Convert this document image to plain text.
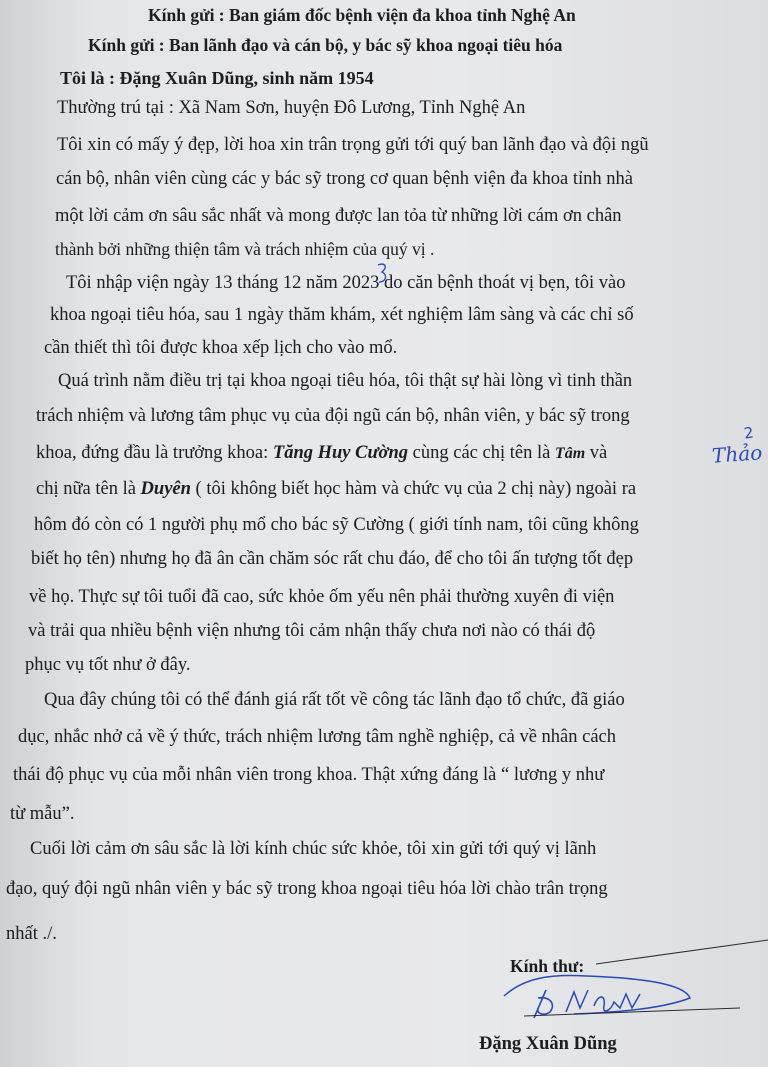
Kính gửi : Ban giám đốc bệnh viện đa khoa tỉnh Nghệ An
Kính gửi : Ban lãnh đạo và cán bộ, y bác sỹ khoa ngoại tiêu hóa
Tôi là : Đặng Xuân Dũng, sinh năm 1954
Thường trú tại : Xã Nam Sơn, huyện Đô Lương, Tỉnh Nghệ An
Tôi xin có mấy ý đẹp, lời hoa xin trân trọng gửi tới quý ban lãnh đạo và đội ngũ
cán bộ, nhân viên cùng các y bác sỹ trong cơ quan bệnh viện đa khoa tỉnh nhà
một lời cảm ơn sâu sắc nhất và mong được lan tỏa từ những lời cám ơn chân
thành bởi những thiện tâm và trách nhiệm của quý vị .
Tôi nhập viện ngày 13 tháng 12 năm 2023 do căn bệnh thoát vị bẹn, tôi vào
khoa ngoại tiêu hóa, sau 1 ngày thăm khám, xét nghiệm lâm sàng và các chỉ số
cần thiết thì tôi được khoa xếp lịch cho vào mổ.
Quá trình nằm điều trị tại khoa ngoại tiêu hóa, tôi thật sự hài lòng vì tinh thần
trách nhiệm và lương tâm phục vụ của đội ngũ cán bộ, nhân viên, y bác sỹ trong
khoa, đứng đầu là trưởng khoa: Tăng Huy Cường cùng các chị tên là Tâm và
chị nữa tên là Duyên ( tôi không biết học hàm và chức vụ của 2 chị này) ngoài ra
hôm đó còn có 1 người phụ mổ cho bác sỹ Cường ( giới tính nam, tôi cũng không
biết họ tên) nhưng họ đã ân cần chăm sóc rất chu đáo, để cho tôi ấn tượng tốt đẹp
về họ. Thực sự tôi tuổi đã cao, sức khỏe ốm yếu nên phải thường xuyên đi viện
và trải qua nhiều bệnh viện nhưng tôi cảm nhận thấy chưa nơi nào có thái độ
phục vụ tốt như ở đây.
Qua đây chúng tôi có thể đánh giá rất tốt về công tác lãnh đạo tổ chức, đã giáo
dục, nhắc nhở cả về ý thức, trách nhiệm lương tâm nghề nghiệp, cả về nhân cách
thái độ phục vụ của mỗi nhân viên trong khoa. Thật xứng đáng là “ lương y như
từ mẫu”.
Cuối lời cảm ơn sâu sắc là lời kính chúc sức khỏe, tôi xin gửi tới quý vị lãnh
đạo, quý đội ngũ nhân viên y bác sỹ trong khoa ngoại tiêu hóa lời chào trân trọng
nhất ./.
2
Thảo
Kính thư:
Đặng Xuân Dũng
